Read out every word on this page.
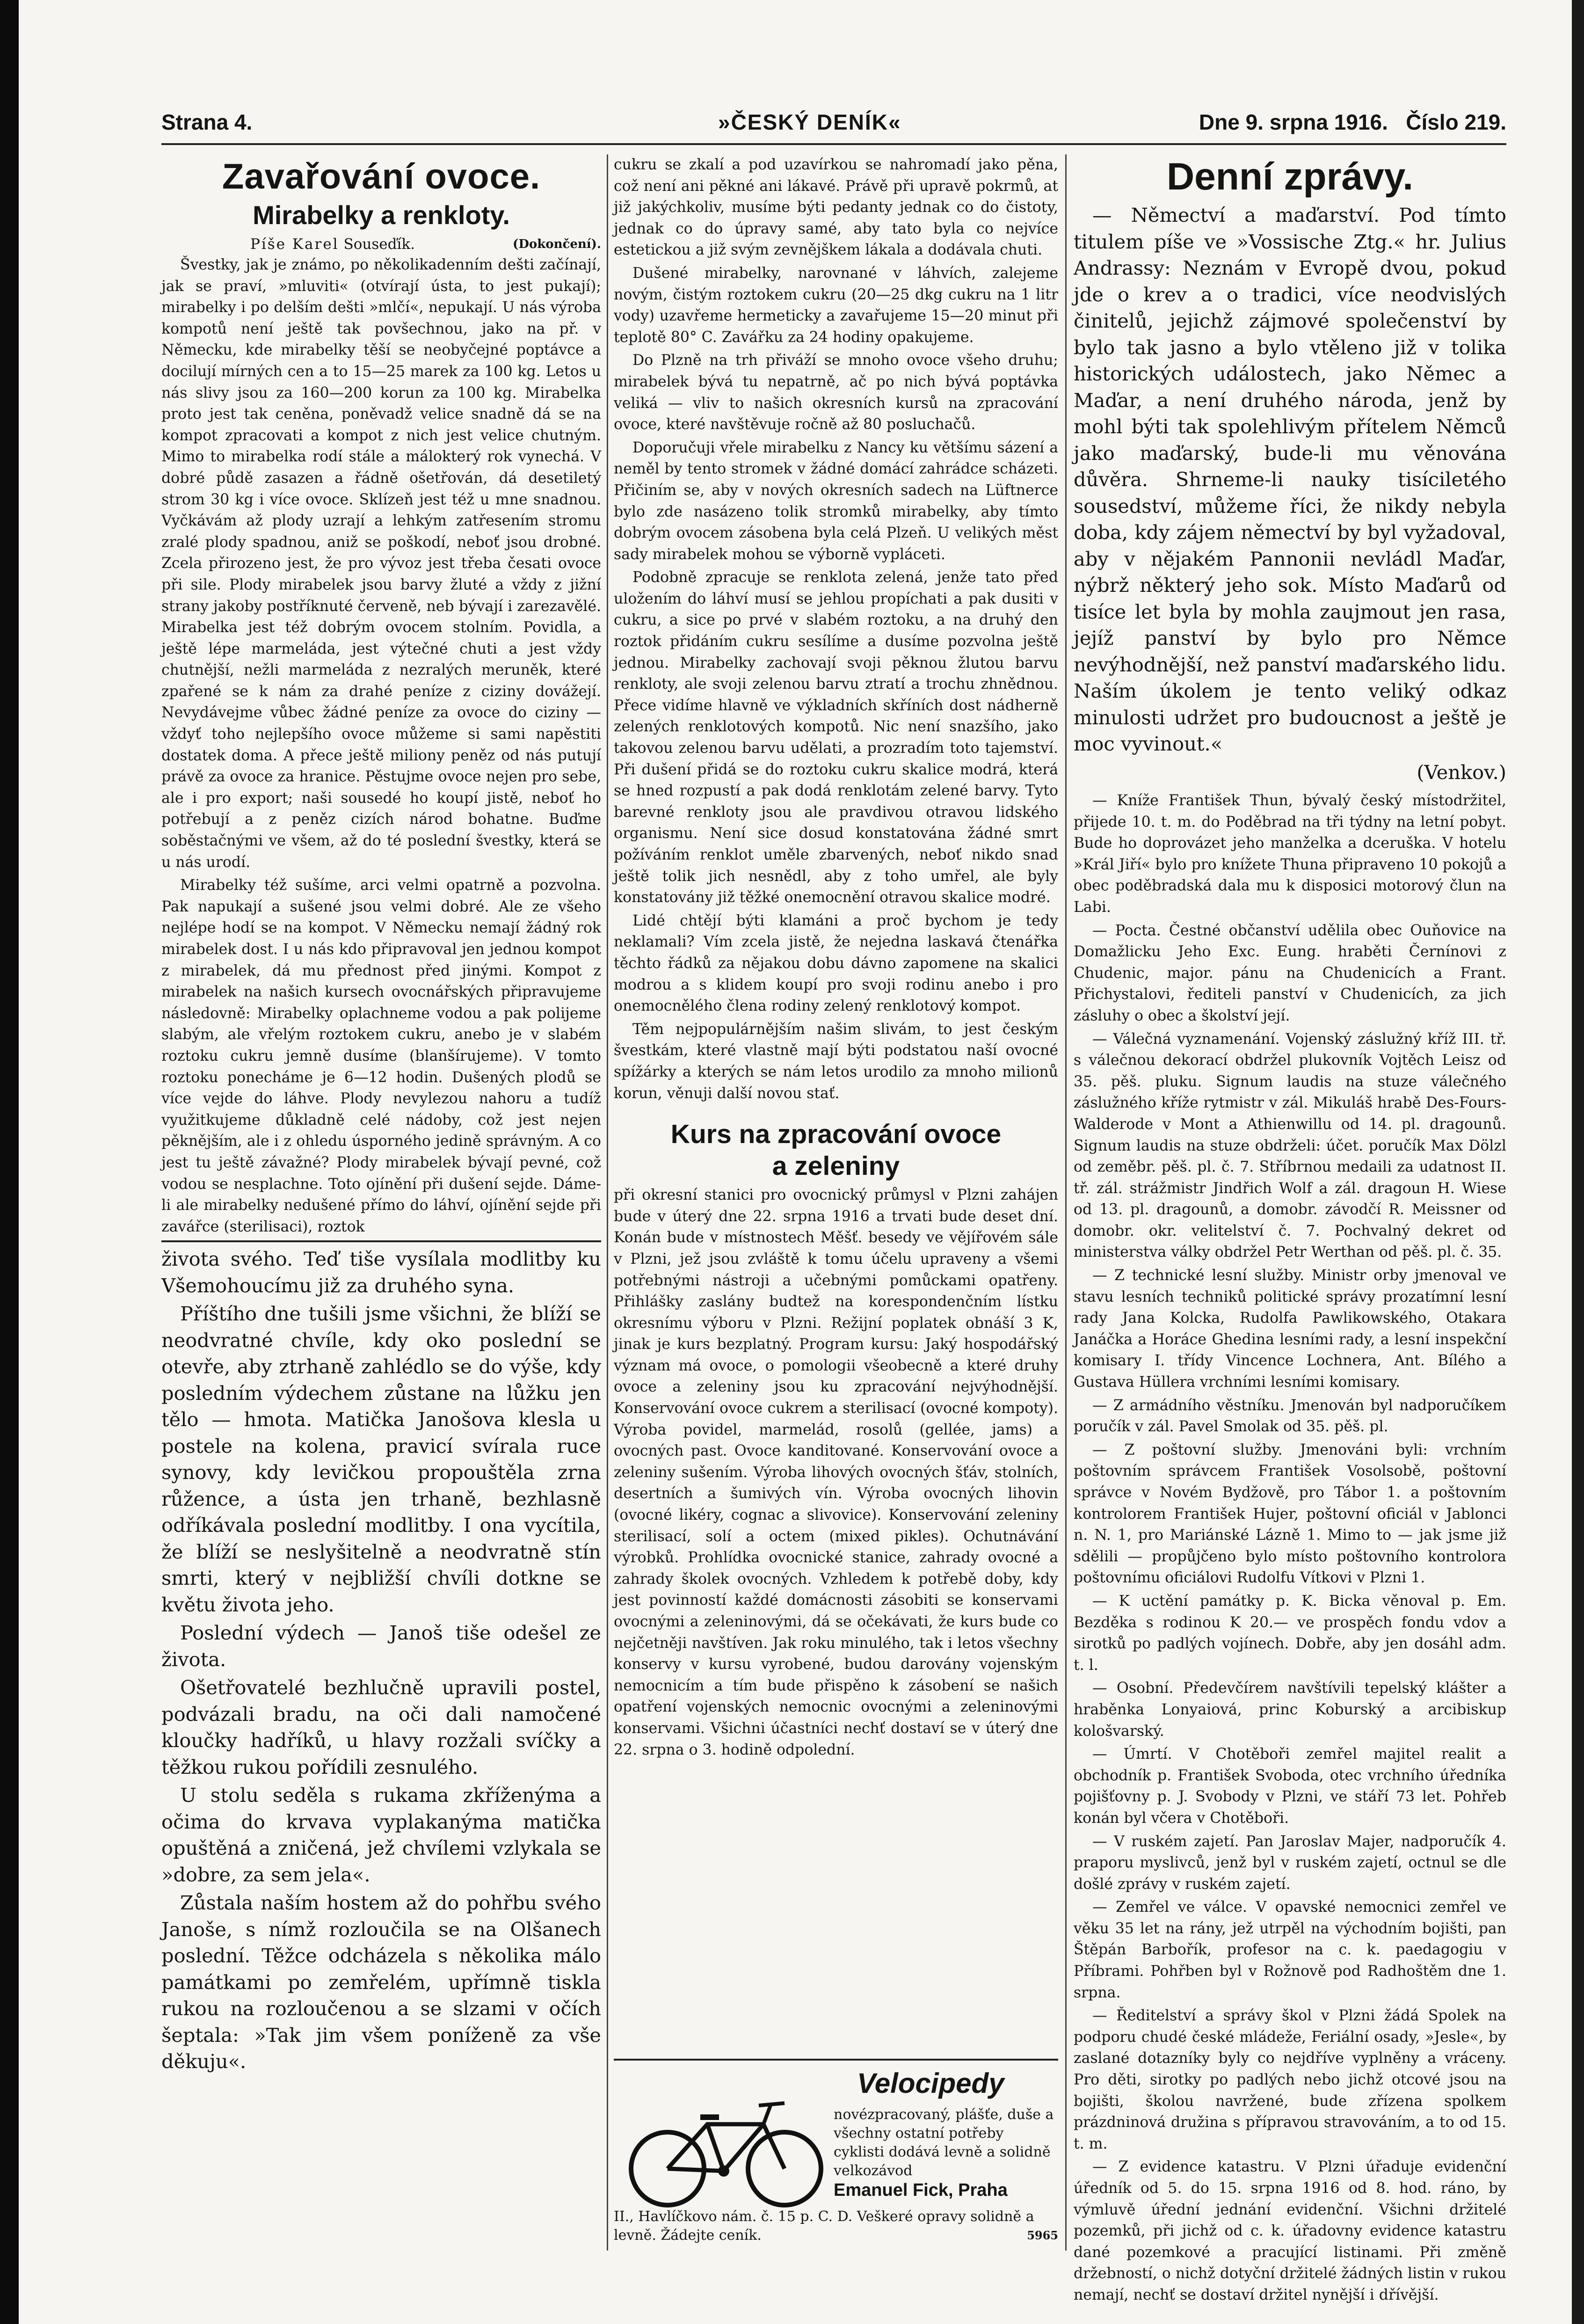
Strana 4.	»ČESKÝ DENÍK«	Dne 9. srpna 1916. Číslo 219.
Zavařování ovoce.
Mirabelky a renkloty.

Píše Karel Souseďík.	(Dokončení).

Švestky, jak je známo, po několikadenním dešti začínají, jak se praví, »mluviti« (otvírají ústa, to jest pukají); mirabelky i po delším dešti »mlčí«, nepukají. U nás výroba kompotů není ještě tak povšechnou, jako na př. v Německu, kde mirabelky těší se neobyčejné poptávce a docilují mírných cen a to 15—25 marek za 100 kg. Letos u nás slivy jsou za 160—200 korun za 100 kg. Mirabelka proto jest tak ceněna, poněvadž velice snadně dá se na kompot zpracovati a kompot z nich jest velice chutným. Mimo to mirabelka rodí stále a málokterý rok vynechá. V dobré půdě zasazen a řádně ošetřován, dá desetiletý strom 30 kg i více ovoce. Sklízeň jest též u mne snadnou. Vyčkávám až plody uzrají a lehkým zatřesením stromu zralé plody spadnou, aniž se poškodí, neboť jsou drobné. Zcela přirozeno jest, že pro vývoz jest třeba česati ovoce při sile. Plody mirabelek jsou barvy žluté a vždy z jižní strany jakoby postříknuté červeně, neb bývají i zarezavělé. Mirabelka jest též dobrým ovocem stolním. Povidla, a ještě lépe marmeláda, jest výtečné chuti a jest vždy chutnější, nežli marmeláda z nezralých meruněk, které zpařené se k nám za drahé peníze z ciziny dovážejí. Nevydávejme vůbec žádné peníze za ovoce do ciziny — vždyť toho nejlepšího ovoce můžeme si sami napěstiti dostatek doma. A přece ještě miliony peněz od nás putují právě za ovoce za hranice. Pěstujme ovoce nejen pro sebe, ale i pro export; naši sousedé ho koupí jistě, neboť ho potřebují a z peněz cizích národ bohatne. Buďme soběstačnými ve všem, až do té poslední švestky, která se u nás urodí.

Mirabelky též sušíme, arci velmi opatrně a pozvolna. Pak napukají a sušené jsou velmi dobré. Ale ze všeho nejlépe hodí se na kompot. V Německu nemají žádný rok mirabelek dost. I u nás kdo připravoval jen jednou kompot z mirabelek, dá mu přednost před jinými. Kompot z mirabelek na našich kursech ovocnářských připravujeme následovně: Mirabelky oplachneme vodou a pak polijeme slabým, ale vřelým roztokem cukru, anebo je v slabém roztoku cukru jemně dusíme (blanšírujeme). V tomto roztoku ponecháme je 6—12 hodin. Dušených plodů se více vejde do láhve. Plody nevylezou nahoru a tudíž využitkujeme důkladně celé nádoby, což jest nejen pěknějším, ale i z ohledu úsporného jedině správným. A co jest tu ještě závažné? Plody mirabelek bývají pevné, což vodou se nesplachne. Toto ojínění při dušení sejde. Dáme-li ale mirabelky nedušené přímo do láhví, ojínění sejde při zavářce (sterilisaci), roztok

života svého. Teď tiše vysílala modlitby ku Všemohoucímu již za druhého syna.

Příštího dne tušili jsme všichni, že blíží se neodvratné chvíle, kdy oko poslední se otevře, aby ztrhaně zahlédlo se do výše, kdy posledním výdechem zůstane na lůžku jen tělo — hmota. Matička Janošova klesla u postele na kolena, pravicí svírala ruce synovy, kdy levičkou propouštěla zrna růžence, a ústa jen trhaně, bezhlasně odříkávala poslední modlitby. I ona vycítila, že blíží se neslyšitelně a neodvratně stín smrti, který v nejbližší chvíli dotkne se květu života jeho.

Poslední výdech — Janoš tiše odešel ze života.

Ošetřovatelé bezhlučně upravili postel, podvázali bradu, na oči dali namočené kloučky hadříků, u hlavy rozžali svíčky a těžkou rukou pořídili zesnulého.

U stolu seděla s rukama zkříženýma a očima do krvava vyplakanýma matička opuštěná a zničená, jež chvílemi vzlykala se »dobre, za sem jela«.

Zůstala naším hostem až do pohřbu svého Janoše, s nímž rozloučila se na Olšanech poslední. Těžce odcházela s několika málo památkami po zemřelém, upřímně tiskla rukou na rozloučenou a se slzami v očích šeptala: »Tak jim všem poníženě za vše děkuju«.

cukru se zkalí a pod uzavírkou se nahromadí jako pěna, což není ani pěkné ani lákavé. Právě při upravě pokrmů, at již jakýchkoliv, musíme býti pedanty jednak co do čistoty, jednak co do úpravy samé, aby tato byla co nejvíce estetickou a již svým zevnějškem lákala a dodávala chuti.

Dušené mirabelky, narovnané v láhvích, zalejeme novým, čistým roztokem cukru (20—25 dkg cukru na 1 litr vody) uzavřeme hermeticky a zavařujeme 15—20 minut při teplotě 80° C. Zavářku za 24 hodiny opakujeme.

Do Plzně na trh přiváží se mnoho ovoce všeho druhu; mirabelek bývá tu nepatrně, ač po nich bývá poptávka veliká — vliv to našich okresních kursů na zpracování ovoce, které navštěvuje ročně až 80 posluchačů.

Doporučuji vřele mirabelku z Nancy ku většímu sázení a neměl by tento stromek v žádné domácí zahrádce scházeti. Přičiním se, aby v nových okresních sadech na Lüftnerce bylo zde nasázeno tolik stromků mirabelky, aby tímto dobrým ovocem zásobena byla celá Plzeň. U velikých měst sady mirabelek mohou se výborně vypláceti.

Podobně zpracuje se renklota zelená, jenže tato před uložením do láhví musí se jehlou propíchati a pak dusiti v cukru, a sice po prvé v slabém roztoku, a na druhý den roztok přidáním cukru sesílíme a dusíme pozvolna ještě jednou. Mirabelky zachovají svoji pěknou žlutou barvu renkloty, ale svoji zelenou barvu ztratí a trochu zhnědnou. Přece vidíme hlavně ve výkladních skříních dost nádherně zelených renklotových kompotů. Nic není snazšího, jako takovou zelenou barvu udělati, a prozradím toto tajemství. Při dušení přidá se do roztoku cukru skalice modrá, která se hned rozpustí a pak dodá renklotám zelené barvy. Tyto barevné renkloty jsou ale pravdivou otravou lidského organismu. Není sice dosud konstatována žádné smrt požíváním renklot uměle zbarvených, neboť nikdo snad ještě tolik jich nesnědl, aby z toho umřel, ale byly konstatovány již těžké onemocnění otravou skalice modré.

Lidé chtějí býti klamáni a proč bychom je tedy neklamali? Vím zcela jistě, že nejedna laskavá čtenářka těchto řádků za nějakou dobu dávno zapomene na skalici modrou a s klidem koupí pro svoji rodinu anebo i pro onemocnělého člena rodiny zelený renklotový kompot.

Těm nejpopulárnějším našim slivám, to jest českým švestkám, které vlastně mají býti podstatou naší ovocné spížárky a kterých se nám letos urodilo za mnoho milionů korun, věnuji další novou stať.

Kurs na zpracování ovoce
a zeleniny

při okresní stanici pro ovocnický průmysl v Plzni zahájen bude v úterý dne 22. srpna 1916 a trvati bude deset dní. Konán bude v místnostech Měšť. besedy ve vějířovém sále v Plzni, jež jsou zvláště k tomu účelu upraveny a všemi potřebnými nástroji a učebnými pomůckami opatřeny. Přihlášky zaslány budtež na korespondenčním lístku okresnímu výboru v Plzni. Režijní poplatek obnáší 3 K, jinak je kurs bezplatný. Program kursu: Jaký hospodářský význam má ovoce, o pomologii všeobecně a které druhy ovoce a zeleniny jsou ku zpracování nejvýhodnější. Konservování ovoce cukrem a sterilisací (ovocné kompoty). Výroba povidel, marmelád, rosolů (gellée, jams) a ovocných past. Ovoce kanditované. Konservování ovoce a zeleniny sušením. Výroba lihových ovocných šťáv, stolních, desertních a šumivých vín. Výroba ovocných lihovin (ovocné likéry, cognac a slivovice). Konservování zeleniny sterilisací, solí a octem (mixed pikles). Ochutnávání výrobků. Prohlídka ovocnické stanice, zahrady ovocné a zahrady školek ovocných. Vzhledem k potřebě doby, kdy jest povinností každé domácnosti zásobiti se konservami ovocnými a zeleninovými, dá se očekávati, že kurs bude co nejčetněji navštíven. Jak roku minulého, tak i letos všechny konservy v kursu vyrobené, budou darovány vojenským nemocnicím a tím bude přispěno k zásobení se našich opatření vojenských nemocnic ovocnými a zeleninovými konservami. Všichni účastníci nechť dostaví se v úterý dne 22. srpna o 3. hodině odpolední.

Velocipedy
novézpracovaný, plášťe, duše a všechny ostatní potřeby cyklisti dodává levně a solidně velkozávod
Emanuel Fick, Praha
II., Havlíčkovo nám. č. 15 p. C. D. Veškeré opravy solidně a levně. Žádejte ceník.	5965
Denní zprávy.

— Němectví a maďarství. Pod tímto titulem píše ve »Vossische Ztg.« hr. Julius Andrassy: Neznám v Evropě dvou, pokud jde o krev a o tradici, více neodvislých činitelů, jejichž zájmové společenství by bylo tak jasno a bylo vtěleno již v tolika historických událostech, jako Němec a Maďar, a není druhého národa, jenž by mohl býti tak spolehlivým přítelem Němců jako maďarský, bude-li mu věnována důvěra. Shrneme-li nauky tisíciletého sousedství, můžeme říci, že nikdy nebyla doba, kdy zájem němectví by byl vyžadoval, aby v nějakém Pannonii nevládl Maďar, nýbrž některý jeho sok. Místo Maďarů od tisíce let byla by mohla zaujmout jen rasa, jejíž panství by bylo pro Němce nevýhodnější, než panství maďarského lidu. Naším úkolem je tento veliký odkaz minulosti udržet pro budoucnost a ještě je moc vyvinout.«

(Venkov.)

— Kníže František Thun, bývalý český místodržitel, přijede 10. t. m. do Poděbrad na tři týdny na letní pobyt. Bude ho doprovázet jeho manželka a dceruška. V hotelu »Král Jiří« bylo pro knížete Thuna připraveno 10 pokojů a obec poděbradská dala mu k disposici motorový člun na Labi.

— Pocta. Čestné občanství udělila obec Ouňovice na Domažlicku Jeho Exc. Eung. hraběti Černínovi z Chudenic, major. pánu na Chudenicích a Frant. Přichystalovi, řediteli panství v Chudenicích, za jich zásluhy o obec a školství její.

— Válečná vyznamenání. Vojenský záslužný kříž III. tř. s válečnou dekorací obdržel plukovník Vojtěch Leisz od 35. pěš. pluku. Signum laudis na stuze válečného záslužného kříže rytmistr v zál. Mikuláš hrabě Des-Fours-Walderode v Mont a Athienwillu od 14. pl. dragounů. Signum laudis na stuze obdrželi: účet. poručík Max Dölzl od zeměbr. pěš. pl. č. 7. Stříbrnou medaili za udatnost II. tř. zál. strážmistr Jindřich Wolf a zál. dragoun H. Wiese od 13. pl. dragounů, a domobr. závodčí R. Meissner od domobr. okr. velitelství č. 7. Pochvalný dekret od ministerstva války obdržel Petr Werthan od pěš. pl. č. 35.

— Z technické lesní služby. Ministr orby jmenoval ve stavu lesních techniků politické správy prozatímní lesní rady Jana Kolcka, Rudolfa Pawlikowského, Otakara Janáčka a Horáce Ghedina lesními rady, a lesní inspekční komisary I. třídy Vincence Lochnera, Ant. Bílého a Gustava Hüllera vrchními lesními komisary.

— Z armádního věstníku. Jmenován byl nadporučíkem poručík v zál. Pavel Smolak od 35. pěš. pl.

— Z poštovní služby. Jmenováni byli: vrchním poštovním správcem František Vosolsobě, poštovní správce v Novém Bydžově, pro Tábor 1. a poštovním kontrolorem František Hujer, poštovní oficiál v Jablonci n. N. 1, pro Mariánské Lázně 1. Mimo to — jak jsme již sdělili — propůjčeno bylo místo poštovního kontrolora poštovnímu oficiálovi Rudolfu Vítkovi v Plzni 1.

— K uctění památky p. K. Bicka věnoval p. Em. Bezděka s rodinou K 20.— ve prospěch fondu vdov a sirotků po padlých vojínech. Dobře, aby jen dosáhl adm. t. l.

— Osobní. Předevčírem navštívili tepelský klášter a hraběnka Lonyaiová, princ Koburský a arcibiskup kološvarský.

— Úmrtí. V Chotěboři zemřel majitel realit a obchodník p. František Svoboda, otec vrchního úředníka pojišťovny p. J. Svobody v Plzni, ve stáří 73 let. Pohřeb konán byl včera v Chotěboři.

— V ruském zajetí. Pan Jaroslav Majer, nadporučík 4. praporu myslivců, jenž byl v ruském zajetí, octnul se dle došlé zprávy v ruském zajetí.

— Zemřel ve válce. V opavské nemocnici zemřel ve věku 35 let na rány, jež utrpěl na východním bojišti, pan Štěpán Barbořík, profesor na c. k. paedagogiu v Příbrami. Pohřben byl v Rožnově pod Radhoštěm dne 1. srpna.

— Ředitelství a správy škol v Plzni žádá Spolek na podporu chudé české mládeže, Feriální osady, »Jesle«, by zaslané dotazníky byly co nejdříve vyplněny a vráceny. Pro děti, sirotky po padlých nebo jichž otcové jsou na bojišti, školou navržené, bude zřízena spolkem prázdninová družina s přípravou stravováním, a to od 15. t. m.

— Z evidence katastru. V Plzni úřaduje evidenční úředník od 5. do 15. srpna 1916 od 8. hod. ráno, by výmluvě úřední jednání evidenční. Všichni držitelé pozemků, při jichž od c. k. úřadovny evidence katastru dané pozemkové a pracující listinami. Při změně držebností, o nichž dotyční držitelé žádných listin v rukou nemají, nechť se dostaví držitel nynější i dřívější.
